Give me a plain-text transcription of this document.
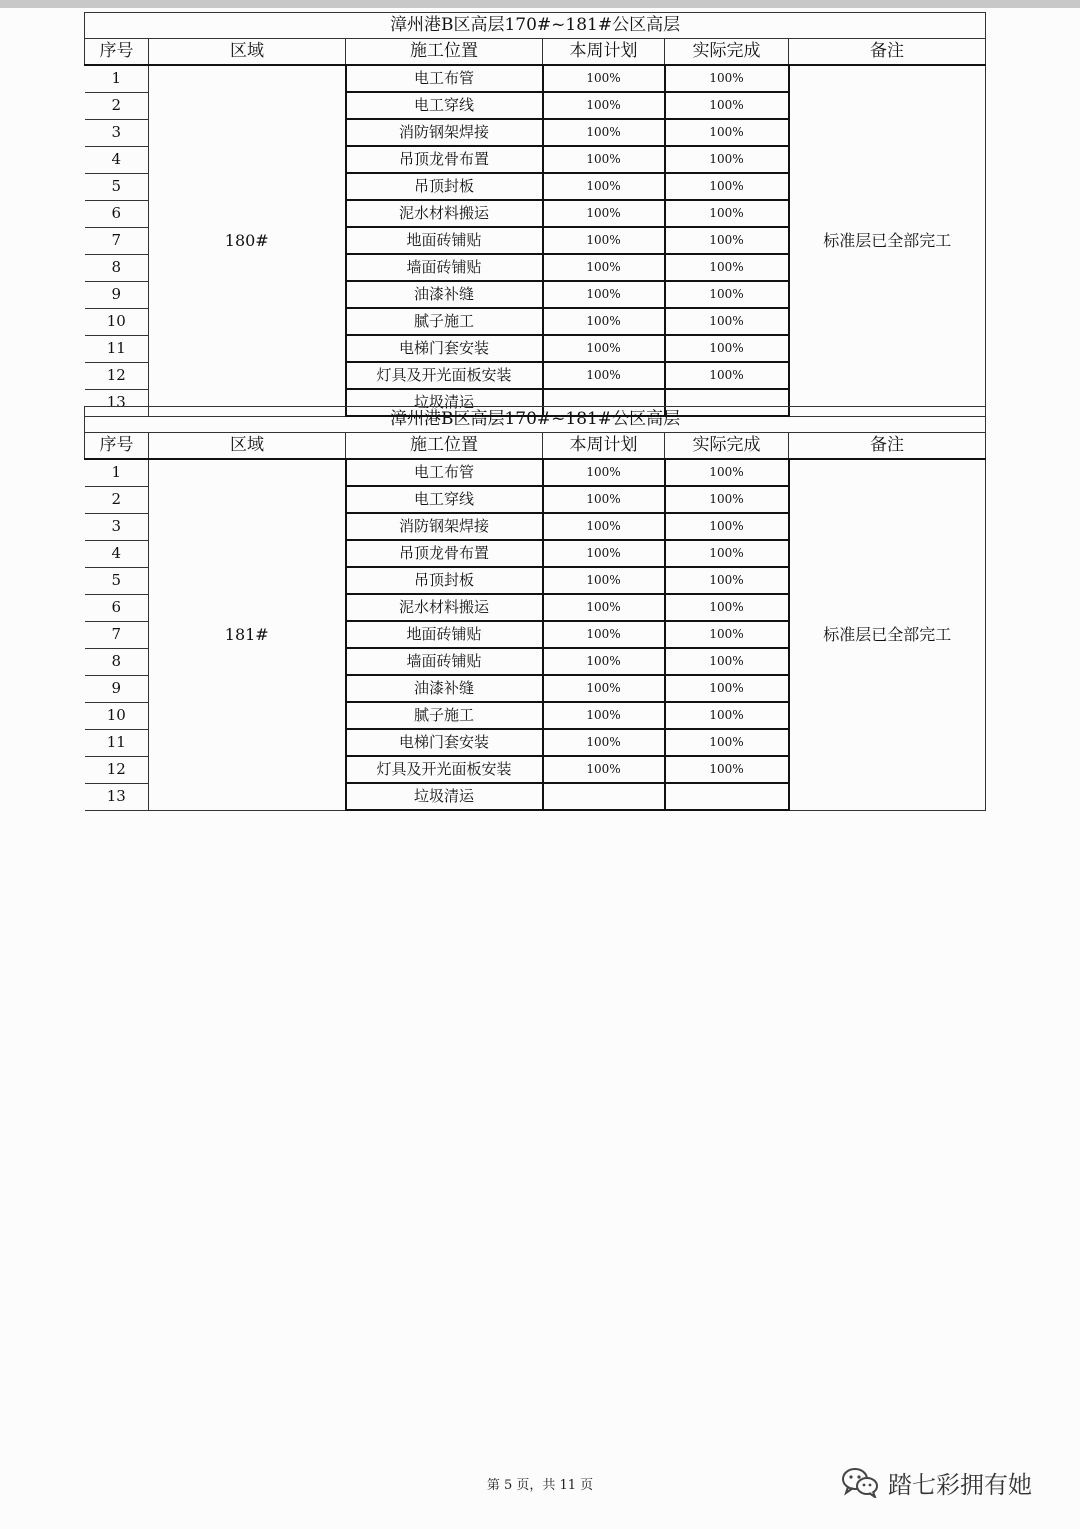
漳州港B区高层170#~181#公区高层					
序号	区域	施工位置	本周计划	实际完成	备注
1	180#	电工布管	100%	100%	标准层已全部完工
2		电工穿线	100%	100%	
3		消防钢架焊接	100%	100%	
4		吊顶龙骨布置	100%	100%	
5		吊顶封板	100%	100%	
6		泥水材料搬运	100%	100%	
7		地面砖铺贴	100%	100%	
8		墙面砖铺贴	100%	100%	
9		油漆补缝	100%	100%	
10		腻子施工	100%	100%	
11		电梯门套安装	100%	100%	
12		灯具及开光面板安装	100%	100%	
13		垃圾清运			
漳州港B区高层170#~181#公区高层					
序号	区域	施工位置	本周计划	实际完成	备注
1	181#	电工布管	100%	100%	标准层已全部完工
2		电工穿线	100%	100%	
3		消防钢架焊接	100%	100%	
4		吊顶龙骨布置	100%	100%	
5		吊顶封板	100%	100%	
6		泥水材料搬运	100%	100%	
7		地面砖铺贴	100%	100%	
8		墙面砖铺贴	100%	100%	
9		油漆补缝	100%	100%	
10		腻子施工	100%	100%	
11		电梯门套安装	100%	100%	
12		灯具及开光面板安装	100%	100%	
13		垃圾清运			
第 5 页，共 11 页	踏七彩拥有她
